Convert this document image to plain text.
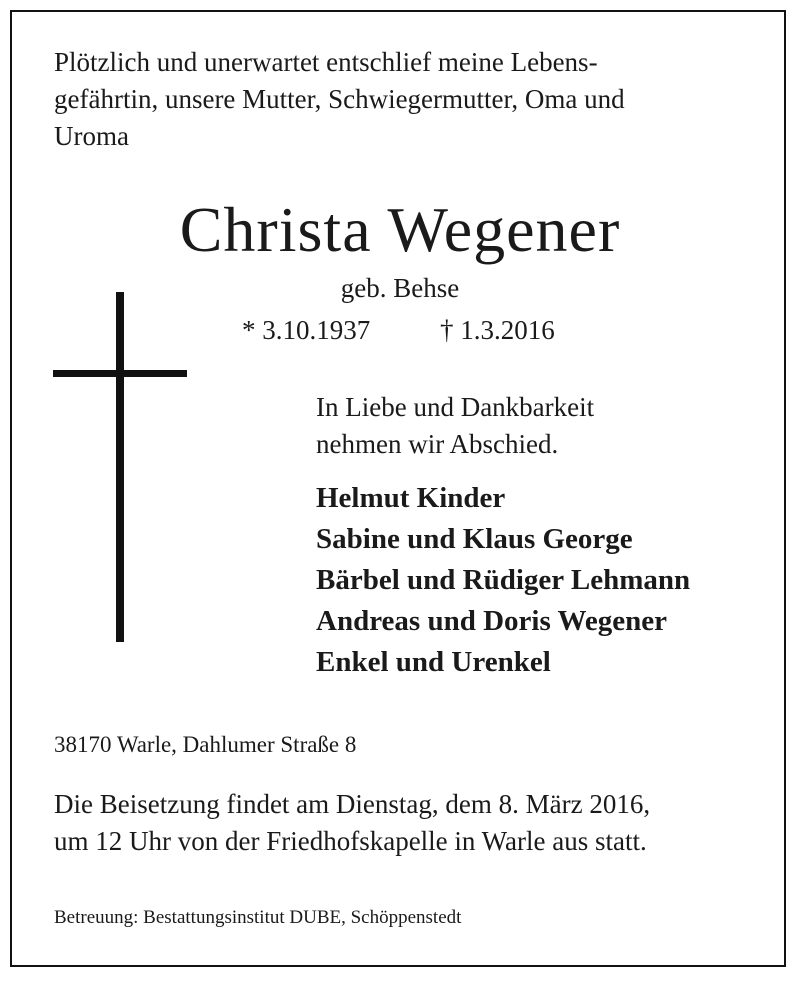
Plötzlich und unerwartet entschlief meine Lebens-
gefährtin, unsere Mutter, Schwiegermutter, Oma und
Uroma
Christa Wegener
geb. Behse
* 3.10.1937	† 1.3.2016
In Liebe und Dankbarkeit
nehmen wir Abschied.
Helmut Kinder
Sabine und Klaus George
Bärbel und Rüdiger Lehmann
Andreas und Doris Wegener
Enkel und Urenkel
38170 Warle, Dahlumer Straße 8
Die Beisetzung findet am Dienstag, dem 8. März 2016,
um 12 Uhr von der Friedhofskapelle in Warle aus statt.
Betreuung: Bestattungsinstitut DUBE, Schöppenstedt
